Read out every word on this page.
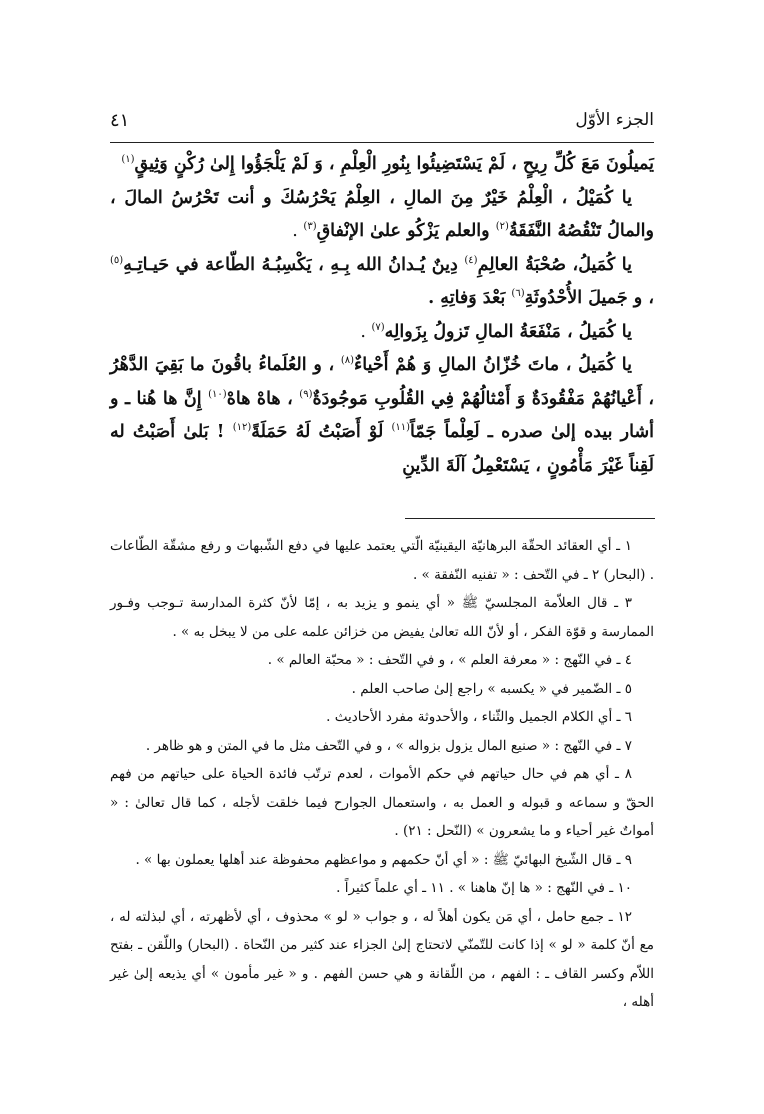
الجزء الأوّل
٤١

يَميلُونَ مَعَ كُلِّ رِيحٍ ، لَمْ يَسْتَضِيئُوا بِنُورِ الْعِلْمِ ، وَ لَمْ يَلْجَؤُوا إِلىٰ رُكْنٍ وَثِيقٍ$^{(١)}$

يا كُمَيْلُ ، الْعِلْمُ خَيْرٌ مِنَ المالِ ، العِلْمُ يَحْرُسُكَ و أنت تَحْرُسُ المالَ ، والمالُ تَنْقُصُهُ النَّفَقَةُ$^{(٢)}$ والعلم يَزْكُو علىٰ الإنْفاقِ$^{(٣)}$ .

يا كُمَيلُ، صُحْبَةُ العالِمِ$^{(٤)}$ دِينٌ يُـدانُ الله بِـهِ ، يَكْسِبُـهُ الطّاعة في حَيـاتِـهِ$^{(٥)}$ ، و جَميلَ الأُحْدُوثَةِ$^{(٦)}$ بَعْدَ وَفاتِهِ .

يا كُمَيلُ ، مَنْفَعَةُ المالِ تَزولُ بِزَوالِه$^{(٧)}$ .

يا كُمَيلُ ، ماتَ خُزّانُ المالِ وَ هُمْ أَحْياءٌ$^{(٨)}$ ، و العُلَماءُ باقُونَ ما بَقِيَ الدَّهْرُ ، أَعْيانُهُمْ مَفْقُودَةٌ وَ أَمْثالُهُمْ فِي القُلُوبِ مَوجُودَةٌ$^{(٩)}$ ، هاهْ هاهْ$^{(١٠)}$ إِنَّ ها هُنا ـ و أشار بيده إلىٰ صدره ـ لَعِلْماً جَمّاً$^{(١١)}$ لَوْ أَصَبْتُ لَهُ حَمَلَةً$^{(١٢)}$ ! بَلىٰ أَصَبْتُ له لَقِناً غَيْرَ مَأْمُونٍ ، يَسْتَعْمِلُ آلَةَ الدِّينِ

١ ـ أي العقائد الحقّة البرهانيّة اليقينيّة الّتي يعتمد عليها في دفع الشّبهات و رفع مشقّة الطّاعات . (البحار) ٢ ـ في التّحف : « تفنيه النّفقة » .

٣ ـ قال العلاّمة المجلسيّ ﷺ « أي ينمو و يزيد به ، إمّا لأنّ كثرة المدارسة تـوجب وفـور الممارسة و قوّة الفكر ، أو لأنّ الله تعالىٰ يفيض من خزائن علمه على من لا يبخل به » .

٤ ـ في النّهج : « معرفة العلم » ، و في التّحف : « محبّة العالم » .

٥ ـ الضّمير في « يكسبه » راجع إلىٰ صاحب العلم .

٦ ـ أي الكلام الجميل والثّناء ، والأحدوثة مفرد الأحاديث .

٧ ـ في النّهج : « صنيع المال يزول بزواله » ، و في التّحف مثل ما في المتن و هو ظاهر .

٨ ـ أي هم في حال حياتهم في حكم الأموات ، لعدم ترتّب فائدة الحياة على حياتهم من فهم الحقّ و سماعه و قبوله و العمل به ، واستعمال الجوارح فيما خلقت لأجله ، كما قال تعالىٰ : « أمواتٌ غير أحياء و ما يشعرون » (النّحل : ٢١) .

٩ ـ قال الشّيخ البهائيّ ﷺ : « أي أنّ حكمهم و مواعظهم محفوظة عند أهلها يعملون بها » .

١٠ ـ في النّهج : « ها إنّ هاهنا » . ١١ ـ أي علماً كثيراً .

١٢ ـ جمع حامل ، أي مَن يكون أهلاً له ، و جواب « لو » محذوف ، أي لأظهرته ، أي لبذلته له ، مع أنّ كلمة « لو » إذا كانت للتّمنّي لاتحتاج إلىٰ الجزاء عند كثير من النّحاة . (البحار) واللّقن ـ بفتح اللاّم وكسر القاف ـ : الفهم ، من اللّقانة و هي حسن الفهم . و « غير مأمون » أي يذيعه إلىٰ غير أهله ،
